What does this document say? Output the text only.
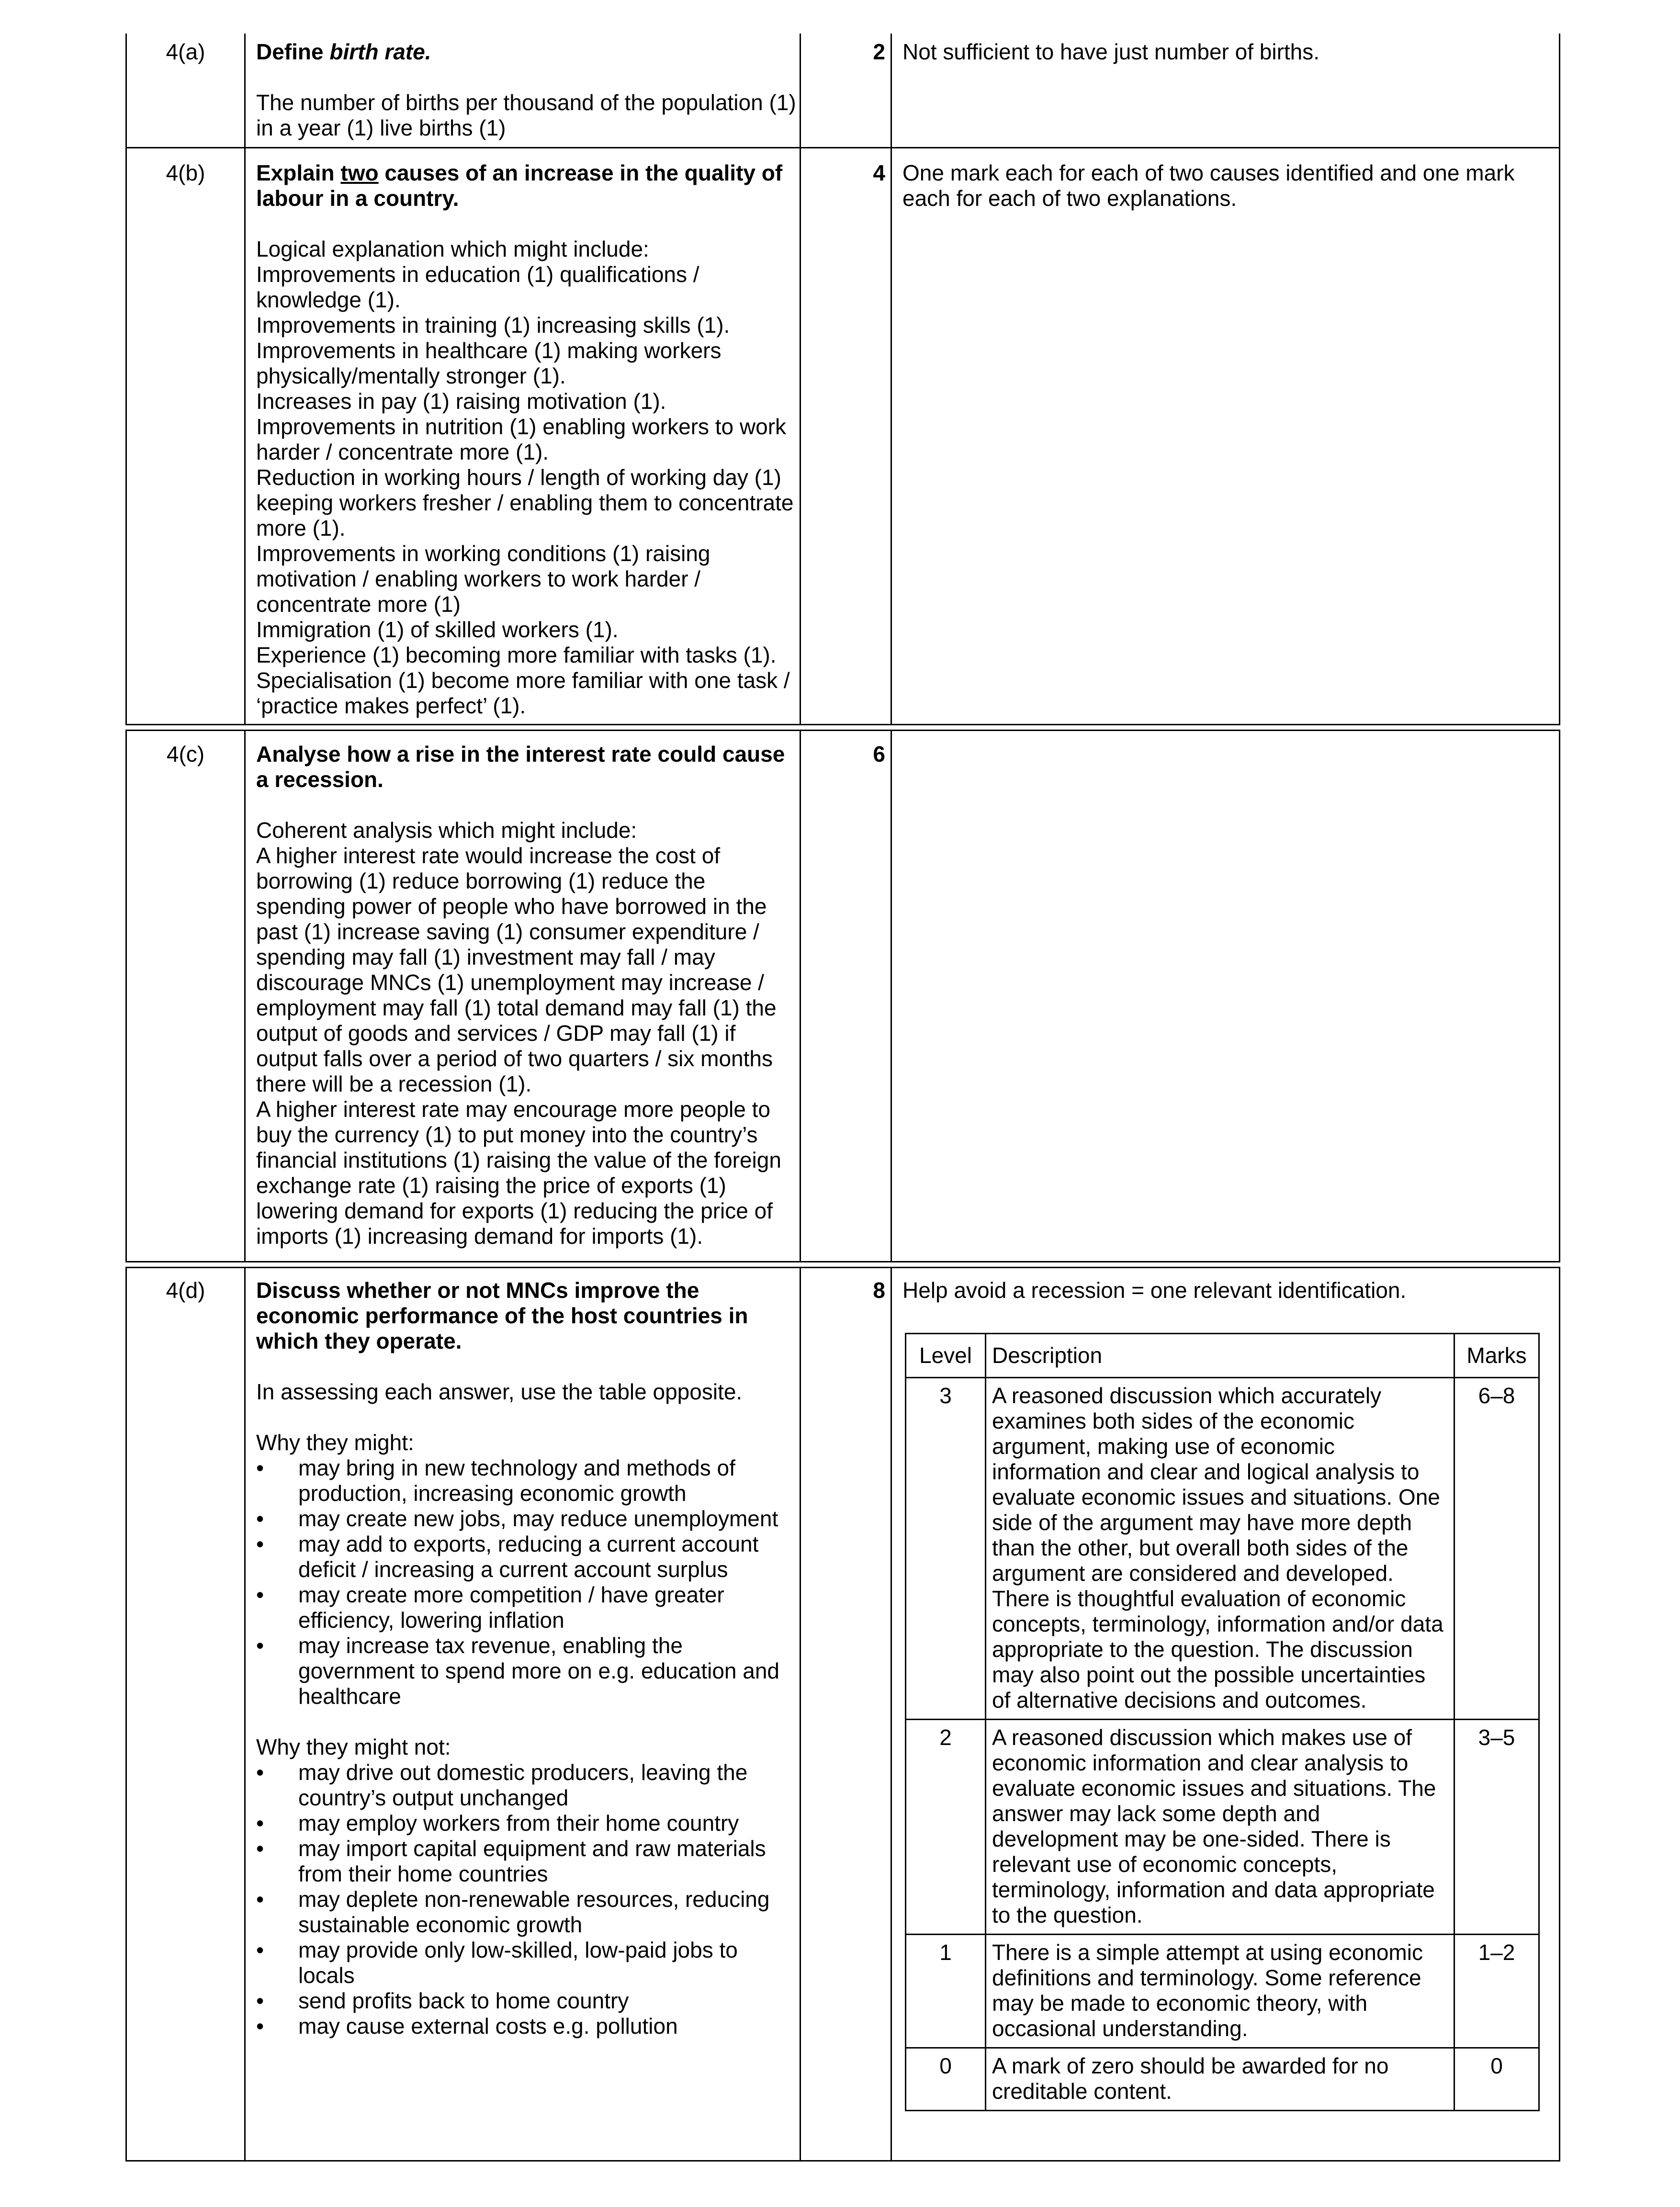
4(a)	Define birth rate.

The number of births per thousand of the population (1) in a year (1) live births (1)

2 Not sufficient to have just number of births.
4(b)	Explain two causes of an increase in the quality of labour in a country.

Logical explanation which might include:

Improvements in education (1) qualifications / knowledge (1).

Improvements in training (1) increasing skills (1).

Improvements in healthcare (1) making workers physically/mentally stronger (1).

Increases in pay (1) raising motivation (1).

Improvements in nutrition (1) enabling workers to work harder / concentrate more (1).

Reduction in working hours / length of working day (1) keeping workers fresher / enabling them to concentrate more (1).

Improvements in working conditions (1) raising motivation / enabling workers to work harder / concentrate more (1)

Immigration (1) of skilled workers (1).

Experience (1) becoming more familiar with tasks (1).

Specialisation (1) become more familiar with one task / ‘practice makes perfect’ (1).

4 One mark each for each of two causes identified and one mark each for each of two explanations.
4(c)	Analyse how a rise in the interest rate could cause a recession.

Coherent analysis which might include:

A higher interest rate would increase the cost of borrowing (1) reduce borrowing (1) reduce the spending power of people who have borrowed in the past (1) increase saving (1) consumer expenditure / spending may fall (1) investment may fall / may discourage MNCs (1) unemployment may increase / employment may fall (1) total demand may fall (1) the output of goods and services / GDP may fall (1) if output falls over a period of two quarters / six months there will be a recession (1).

A higher interest rate may encourage more people to buy the currency (1) to put money into the country’s financial institutions (1) raising the value of the foreign exchange rate (1) raising the price of exports (1) lowering demand for exports (1) reducing the price of imports (1) increasing demand for imports (1).

6
4(d)	Discuss whether or not MNCs improve the economic performance of the host countries in which they operate.

In assessing each answer, use the table opposite.

Why they might:

• may bring in new technology and methods of production, increasing economic growth
• may create new jobs, may reduce unemployment
• may add to exports, reducing a current account deficit / increasing a current account surplus
• may create more competition / have greater efficiency, lowering inflation
• may increase tax revenue, enabling the government to spend more on e.g. education and healthcare

Why they might not:

• may drive out domestic producers, leaving the country’s output unchanged
• may employ workers from their home country
• may import capital equipment and raw materials from their home countries
• may deplete non-renewable resources, reducing sustainable economic growth
• may provide only low-skilled, low-paid jobs to locals
• send profits back to home country
• may cause external costs e.g. pollution
8 Help avoid a recession = one relevant identification.
Level	Description	Marks
3	A reasoned discussion which accurately examines both sides of the economic argument, making use of economic information and clear and logical analysis to evaluate economic issues and situations. One side of the argument may have more depth than the other, but overall both sides of the argument are considered and developed. There is thoughtful evaluation of economic concepts, terminology, information and/or data appropriate to the question. The discussion may also point out the possible uncertainties of alternative decisions and outcomes.	6–8
2	A reasoned discussion which makes use of economic information and clear analysis to evaluate economic issues and situations. The answer may lack some depth and development may be one-sided. There is relevant use of economic concepts, terminology, information and data appropriate to the question.	3–5
1	There is a simple attempt at using economic definitions and terminology. Some reference may be made to economic theory, with occasional understanding.	1–2
0	A mark of zero should be awarded for no creditable content.	0
